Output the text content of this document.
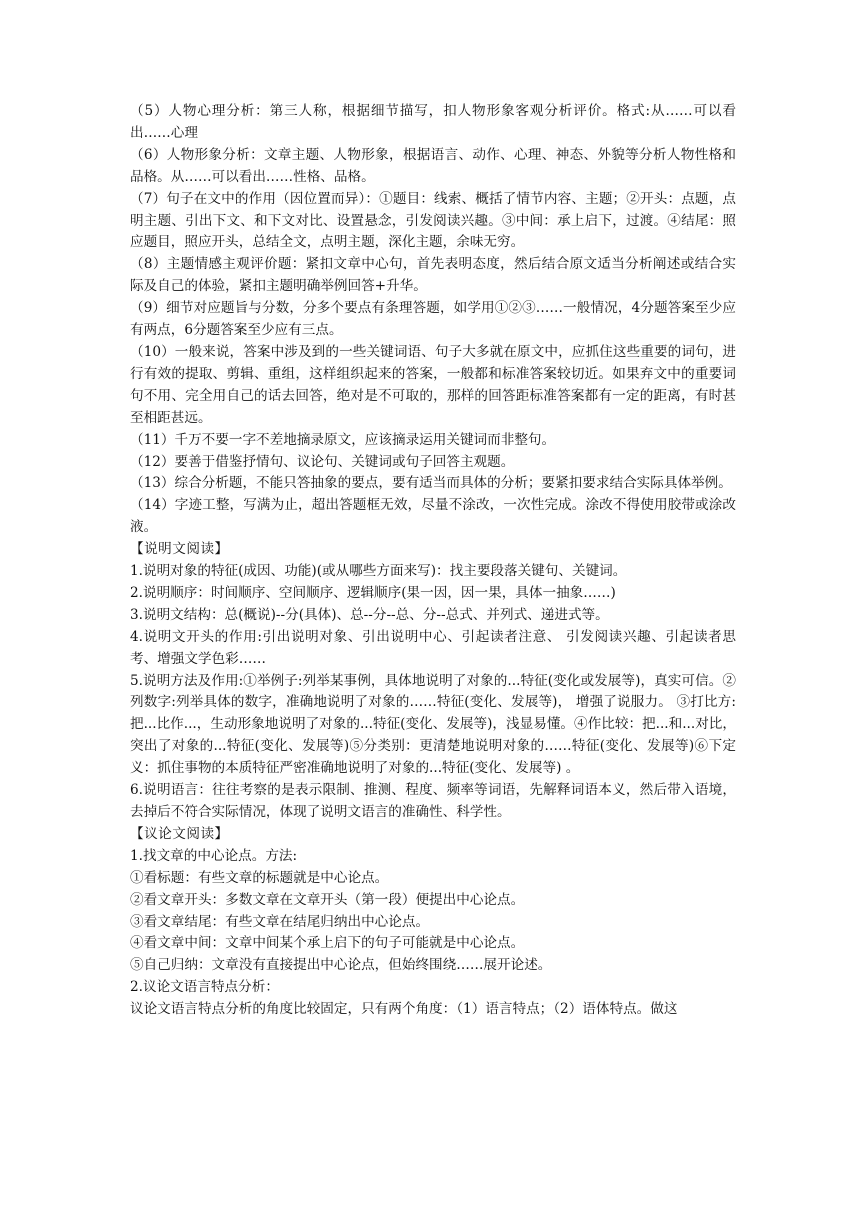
（5）人物心理分析：第三人称，根据细节描写，扣人物形象客观分析评价。格式:从……可以看出……心理

（6）人物形象分析：文章主题、人物形象，根据语言、动作、心理、神态、外貌等分析人物性格和品格。从……可以看出……性格、品格。

（7）句子在文中的作用（因位置而异）：①题目：线索、概括了情节内容、主题；②开头：点题，点明主题、引出下文、和下文对比、设置悬念，引发阅读兴趣。③中间：承上启下，过渡。④结尾：照应题目，照应开头，总结全文，点明主题，深化主题，余味无穷。

（8）主题情感主观评价题：紧扣文章中心句，首先表明态度，然后结合原文适当分析阐述或结合实际及自己的体验，紧扣主题明确举例回答+升华。

（9）细节对应题旨与分数，分多个要点有条理答题，如学用①②③……一般情况，4分题答案至少应有两点，6分题答案至少应有三点。

（10）一般来说，答案中涉及到的一些关键词语、句子大多就在原文中，应抓住这些重要的词句，进行有效的提取、剪辑、重组，这样组织起来的答案，一般都和标准答案较切近。如果弃文中的重要词句不用、完全用自己的话去回答，绝对是不可取的，那样的回答距标准答案都有一定的距离，有时甚至相距甚远。

（11）千万不要一字不差地摘录原文，应该摘录运用关键词而非整句。

（12）要善于借鉴抒情句、议论句、关键词或句子回答主观题。

（13）综合分析题，不能只答抽象的要点，要有适当而具体的分析；要紧扣要求结合实际具体举例。

（14）字迹工整，写满为止，超出答题框无效，尽量不涂改，一次性完成。涂改不得使用胶带或涂改液。

【说明文阅读】

1.说明对象的特征(成因、功能)(或从哪些方面来写)：找主要段落关键句、关键词。

2.说明顺序：时间顺序、空间顺序、逻辑顺序(果一因，因一果，具体一抽象……)

3.说明文结构：总(概说)--分(具体)、总--分--总、分--总式、并列式、递进式等。

4.说明文开头的作用:引出说明对象、引出说明中心、引起读者注意、 引发阅读兴趣、引起读者思考、增强文学色彩……

5.说明方法及作用:①举例子:列举某事例，具体地说明了对象的...特征(变化或发展等)，真实可信。②列数字:列举具体的数字，准确地说明了对象的……特征(变化、发展等)， 增强了说服力。 ③打比方:把...比作...，生动形象地说明了对象的...特征(变化、发展等)，浅显易懂。④作比较：把...和...对比，突出了对象的...特征(变化、发展等)⑤分类别：更清楚地说明对象的……特征(变化、发展等)⑥下定义：抓住事物的本质特征严密准确地说明了对象的...特征(变化、发展等) 。

6.说明语言：往往考察的是表示限制、推测、程度、频率等词语，先解释词语本义，然后带入语境，去掉后不符合实际情况，体现了说明文语言的准确性、科学性。

【议论文阅读】

1.找文章的中心论点。方法:

①看标题：有些文章的标题就是中心论点。

②看文章开头：多数文章在文章开头（第一段）便提出中心论点。

③看文章结尾：有些文章在结尾归纳出中心论点。

④看文章中间：文章中间某个承上启下的句子可能就是中心论点。

⑤自己归纳：文章没有直接提出中心论点，但始终围绕……展开论述。

2.议论文语言特点分析：

议论文语言特点分析的角度比较固定，只有两个角度：（1）语言特点；（2）语体特点。做这
